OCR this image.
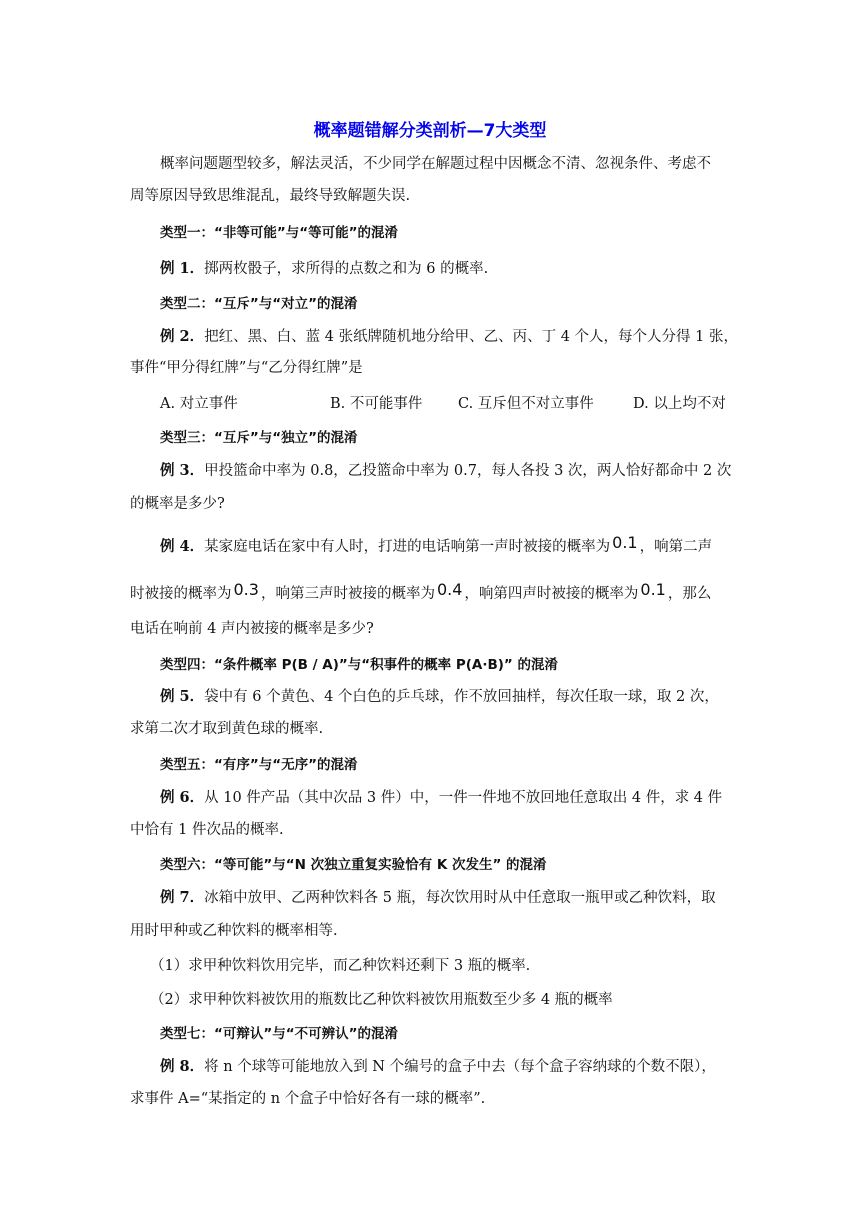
概率题错解分类剖析—7大类型
概率问题题型较多，解法灵活，不少同学在解题过程中因概念不清、忽视条件、考虑不
周等原因导致思维混乱，最终导致解题失误.
类型一：“非等可能”与“等可能”的混淆
例 1．掷两枚骰子，求所得的点数之和为 6 的概率.
类型二：“互斥”与“对立”的混淆
例 2．把红、黑、白、蓝 4 张纸牌随机地分给甲、乙、丙、丁 4 个人，每个人分得 1 张，
事件“甲分得红牌”与“乙分得红牌”是
A. 对立事件	B. 不可能事件 C. 互斥但不对立事件	D. 以上均不对
类型三：“互斥”与“独立”的混淆
例 3．甲投篮命中率为 0.8，乙投篮命中率为 0.7，每人各投 3 次，两人恰好都命中 2 次
的概率是多少?
例 4．某家庭电话在家中有人时，打进的电话响第一声时被接的概率为 0.1 ，响第二声
时被接的概率为 0.3 ，响第三声时被接的概率为 0.4 ，响第四声时被接的概率为 0.1 ，那么
电话在响前 4 声内被接的概率是多少?
类型四：“条件概率 P(B / A)”与“积事件的概率 P(A·B)” 的混淆
例 5．袋中有 6 个黄色、4 个白色的乒乓球，作不放回抽样，每次任取一球，取 2 次，
求第二次才取到黄色球的概率.
类型五：“有序”与“无序”的混淆
例 6．从 10 件产品（其中次品 3 件）中，一件一件地不放回地任意取出 4 件，求 4 件
中恰有 1 件次品的概率.
类型六：“等可能”与“N 次独立重复实验恰有 K 次发生” 的混淆
例 7．冰箱中放甲、乙两种饮料各 5 瓶，每次饮用时从中任意取一瓶甲或乙种饮料，取
用时甲种或乙种饮料的概率相等.
（1）求甲种饮料饮用完毕，而乙种饮料还剩下 3 瓶的概率.
（2）求甲种饮料被饮用的瓶数比乙种饮料被饮用瓶数至少多 4 瓶的概率
类型七：“可辩认”与“不可辨认”的混淆
例 8．将 n 个球等可能地放入到 N 个编号的盒子中去（每个盒子容纳球的个数不限），
求事件 A=“某指定的 n 个盒子中恰好各有一球的概率”.
